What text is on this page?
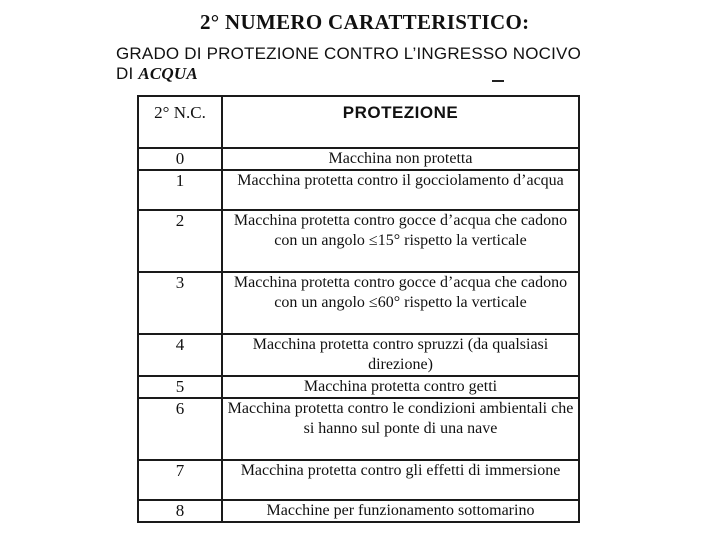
2° NUMERO CARATTERISTICO:
GRADO DI PROTEZIONE CONTRO L’INGRESSO NOCIVO
DI ACQUA
2° N.C.	PROTEZIONE
0	Macchina non protetta
1	Macchina protetta contro il gocciolamento d’acqua
2	Macchina protetta contro gocce d’acqua che cadono con un angolo ≤15° rispetto la verticale
3	Macchina protetta contro gocce d’acqua che cadono con un angolo ≤60° rispetto la verticale
4	Macchina protetta contro spruzzi (da qualsiasi direzione)
5	Macchina protetta contro getti
6	Macchina protetta contro le condizioni ambientali che si hanno sul ponte di una nave
7	Macchina protetta contro gli effetti di immersione
8	Macchine per funzionamento sottomarino
